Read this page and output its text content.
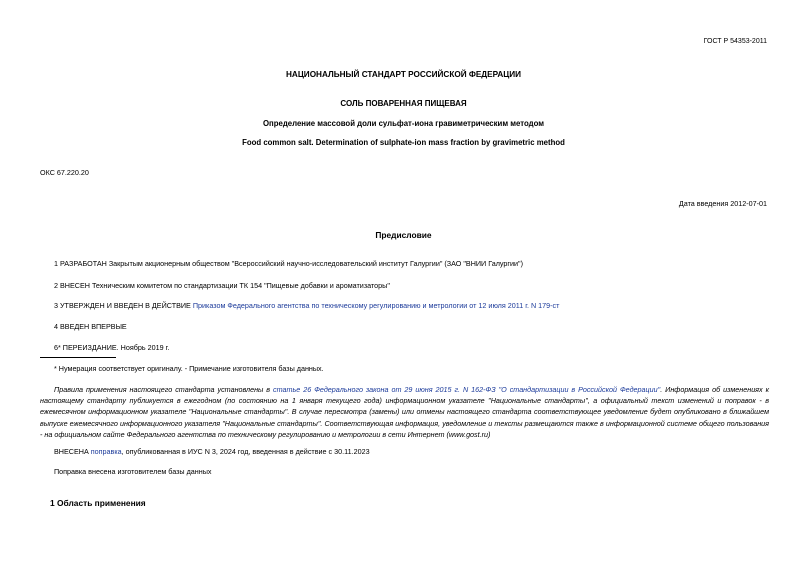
ГОСТ Р 54353-2011
НАЦИОНАЛЬНЫЙ СТАНДАРТ РОССИЙСКОЙ ФЕДЕРАЦИИ
СОЛЬ ПОВАРЕННАЯ ПИЩЕВАЯ
Определение массовой доли сульфат-иона гравиметрическим методом
Food common salt. Determination of sulphate-ion mass fraction by gravimetric method
ОКС 67.220.20
Дата введения 2012-07-01
Предисловие
1 РАЗРАБОТАН Закрытым акционерным обществом "Всероссийский научно-исследовательский институт Галургии" (ЗАО "ВНИИ Галургии")
2 ВНЕСЕН Техническим комитетом по стандартизации ТК 154 "Пищевые добавки и ароматизаторы"
3 УТВЕРЖДЕН И ВВЕДЕН В ДЕЙСТВИЕ Приказом Федерального агентства по техническому регулированию и метрологии от 12 июля 2011 г. N 179-ст
4 ВВЕДЕН ВПЕРВЫЕ
6* ПЕРЕИЗДАНИЕ. Ноябрь 2019 г.
* Нумерация соответствует оригиналу. - Примечание изготовителя базы данных.
Правила применения настоящего стандарта установлены в статье 26 Федерального закона от 29 июня 2015 г. N 162-ФЗ "О стандартизации в Российской Федерации". Информация об изменениях к настоящему стандарту публикуется в ежегодном (по состоянию на 1 января текущего года) информационном указателе "Национальные стандарты", а официальный текст изменений и поправок - в ежемесячном информационном указателе "Национальные стандарты". В случае пересмотра (замены) или отмены настоящего стандарта соответствующее уведомление будет опубликовано в ближайшем выпуске ежемесячного информационного указателя "Национальные стандарты". Соответствующая информация, уведомление и тексты размещаются также в информационной системе общего пользования - на официальном сайте Федерального агентства по техническому регулированию и метрологии в сети Интернет (www.gost.ru)
ВНЕСЕНА поправка, опубликованная в ИУС N 3, 2024 год, введенная в действие с 30.11.2023
Поправка внесена изготовителем базы данных
1 Область применения
